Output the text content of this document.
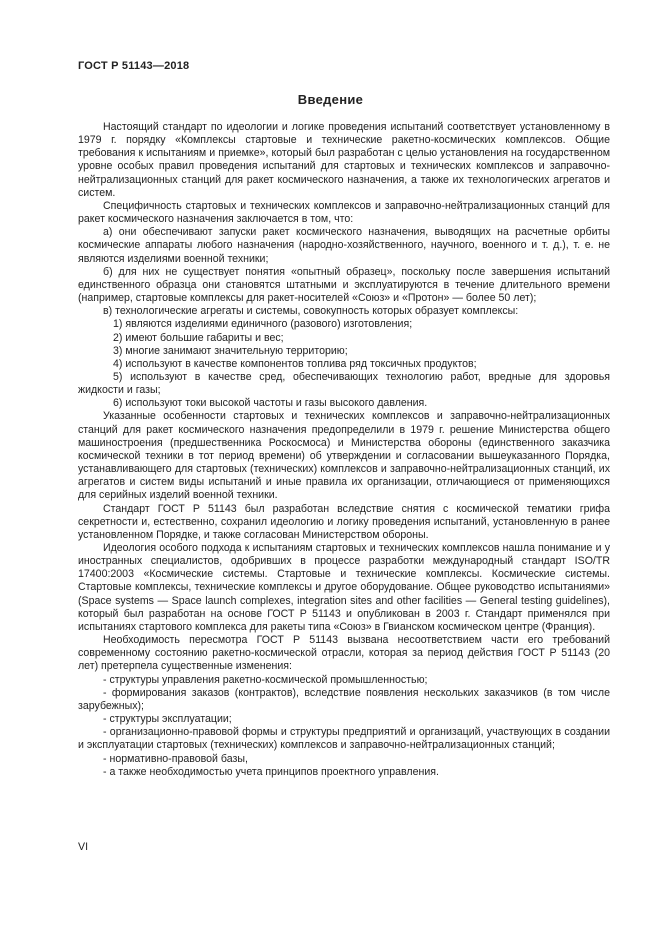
ГОСТ Р 51143—2018
Введение

Настоящий стандарт по идеологии и логике проведения испытаний соответствует установленному в 1979 г. порядку «Комплексы стартовые и технические ракетно-космических комплексов. Общие требования к испытаниям и приемке», который был разработан с целью установления на государственном уровне особых правил проведения испытаний для стартовых и технических комплексов и заправочно-нейтрализационных станций для ракет космического назначения, а также их технологических агрегатов и систем.

Специфичность стартовых и технических комплексов и заправочно-нейтрализационных станций для ракет космического назначения заключается в том, что:

а) они обеспечивают запуски ракет космического назначения, выводящих на расчетные орбиты космические аппараты любого назначения (народно-хозяйственного, научного, военного и т. д.), т. е. не являются изделиями военной техники;

б) для них не существует понятия «опытный образец», поскольку после завершения испытаний единственного образца они становятся штатными и эксплуатируются в течение длительного времени (например, стартовые комплексы для ракет-носителей «Союз» и «Протон» — более 50 лет);

в) технологические агрегаты и системы, совокупность которых образует комплексы:

1) являются изделиями единичного (разового) изготовления;

2) имеют большие габариты и вес;

3) многие занимают значительную территорию;

4) используют в качестве компонентов топлива ряд токсичных продуктов;

5) используют в качестве сред, обеспечивающих технологию работ, вредные для здоровья жидкости и газы;

6) используют токи высокой частоты и газы высокого давления.

Указанные особенности стартовых и технических комплексов и заправочно-нейтрализационных станций для ракет космического назначения предопределили в 1979 г. решение Министерства общего машиностроения (предшественника Роскосмоса) и Министерства обороны (единственного заказчика космической техники в тот период времени) об утверждении и согласовании вышеуказанного Порядка, устанавливающего для стартовых (технических) комплексов и заправочно-нейтрализационных станций, их агрегатов и систем виды испытаний и иные правила их организации, отличающиеся от применяющихся для серийных изделий военной техники.

Стандарт ГОСТ Р 51143 был разработан вследствие снятия с космической тематики грифа секретности и, естественно, сохранил идеологию и логику проведения испытаний, установленную в ранее установленном Порядке, и также согласован Министерством обороны.

Идеология особого подхода к испытаниям стартовых и технических комплексов нашла понимание и у иностранных специалистов, одобривших в процессе разработки международный стандарт ISO/TR 17400:2003 «Космические системы. Стартовые и технические комплексы. Космические системы. Стартовые комплексы, технические комплексы и другое оборудование. Общее руководство испытаниями» (Space systems — Space launch complexes, integration sites and other facilities — General testing guidelines), который был разработан на основе ГОСТ Р 51143 и опубликован в 2003 г. Стандарт применялся при испытаниях стартового комплекса для ракеты типа «Союз» в Гвианском космическом центре (Франция).

Необходимость пересмотра ГОСТ Р 51143 вызвана несоответствием части его требований современному состоянию ракетно-космической отрасли, которая за период действия ГОСТ Р 51143 (20 лет) претерпела существенные изменения:

- структуры управления ракетно-космической промышленностью;

- формирования заказов (контрактов), вследствие появления нескольких заказчиков (в том числе зарубежных);

- структуры эксплуатации;

- организационно-правовой формы и структуры предприятий и организаций, участвующих в создании и эксплуатации стартовых (технических) комплексов и заправочно-нейтрализационных станций;

- нормативно-правовой базы,

- а также необходимостью учета принципов проектного управления.

VI
